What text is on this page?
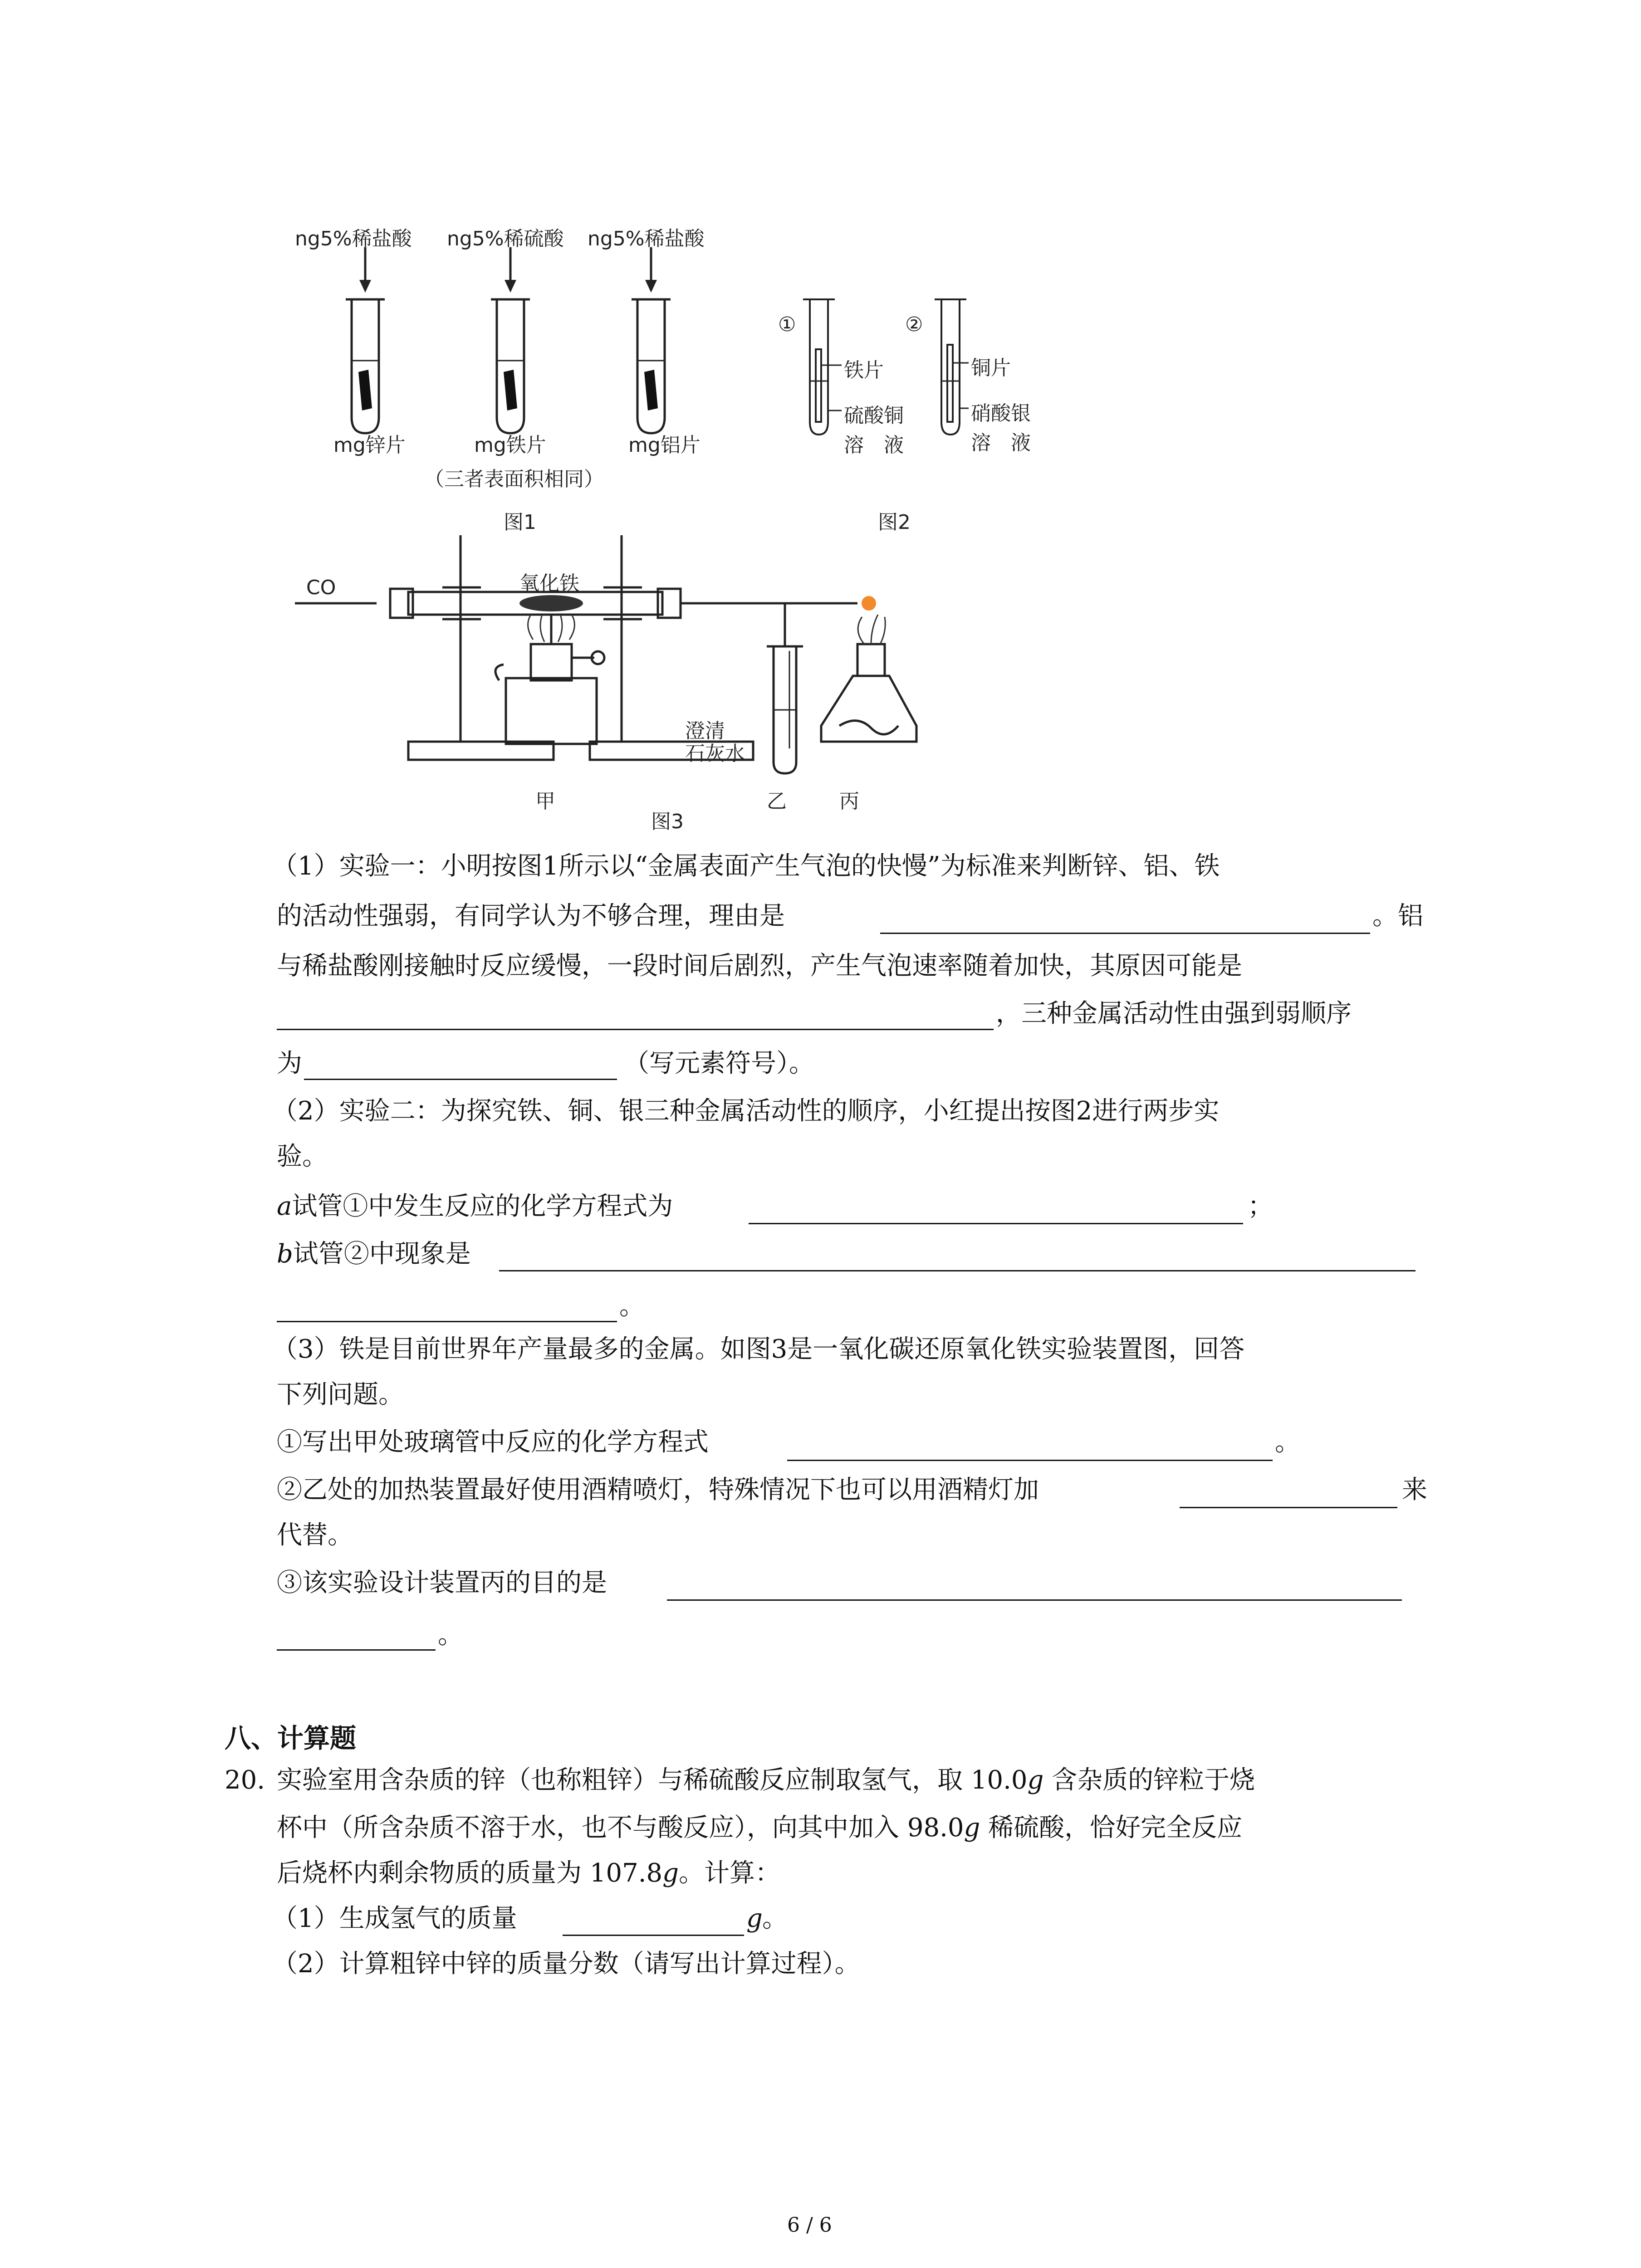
ng5%稀盐酸 ng5%稀硫酸 ng5%稀盐酸
mg锌片	mg铁片	mg铝片
（三者表面积相同）
图1
①	②
铁片
硫酸铜
溶　液
铜片
硝酸银
溶　液
图2
CO	氧化铁
澄清
石灰水
甲	乙	丙
图3
（1）实验一：小明按图1所示以“金属表面产生气泡的快慢”为标准来判断锌、铝、铁
的活动性强弱，有同学认为不够合理，理由是	。铝
与稀盐酸刚接触时反应缓慢，一段时间后剧烈，产生气泡速率随着加快，其原因可能是
，三种金属活动性由强到弱顺序
为	（写元素符号）。
（2）实验二：为探究铁、铜、银三种金属活动性的顺序，小红提出按图2进行两步实
验。
a试管①中发生反应的化学方程式为	；
b试管②中现象是
。
（3）铁是目前世界年产量最多的金属。如图3是一氧化碳还原氧化铁实验装置图，回答
下列问题。
①写出甲处玻璃管中反应的化学方程式	。
②乙处的加热装置最好使用酒精喷灯，特殊情况下也可以用酒精灯加	来
代替。
③该实验设计装置丙的目的是
。
八、计算题
20. 实验室用含杂质的锌（也称粗锌）与稀硫酸反应制取氢气，取 10.0g 含杂质的锌粒于烧
杯中（所含杂质不溶于水，也不与酸反应），向其中加入 98.0g 稀硫酸，恰好完全反应
后烧杯内剩余物质的质量为 107.8g。计算：
（1）生成氢气的质量	g 。
（2）计算粗锌中锌的质量分数（请写出计算过程）。
6 / 6
